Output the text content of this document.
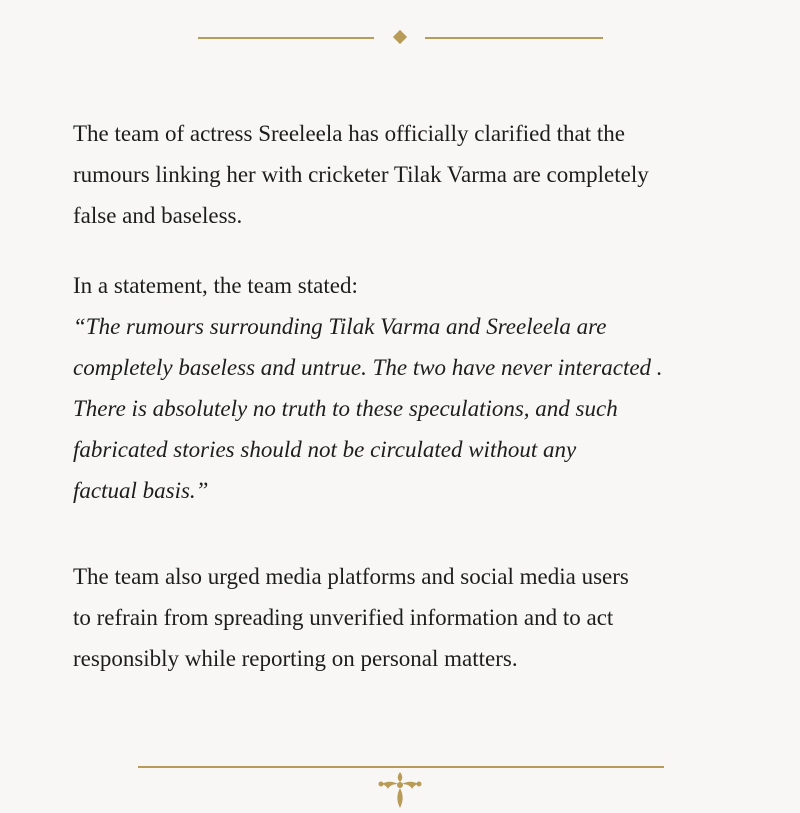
The team of actress Sreeleela has officially clarified that the
rumours linking her with cricketer Tilak Varma are completely
false and baseless.

In a statement, the team stated:
“The rumours surrounding Tilak Varma and Sreeleela are
completely baseless and untrue. The two have never interacted .
There is absolutely no truth to these speculations, and such
fabricated stories should not be circulated without any
factual basis.”

The team also urged media platforms and social media users
to refrain from spreading unverified information and to act
responsibly while reporting on personal matters.
